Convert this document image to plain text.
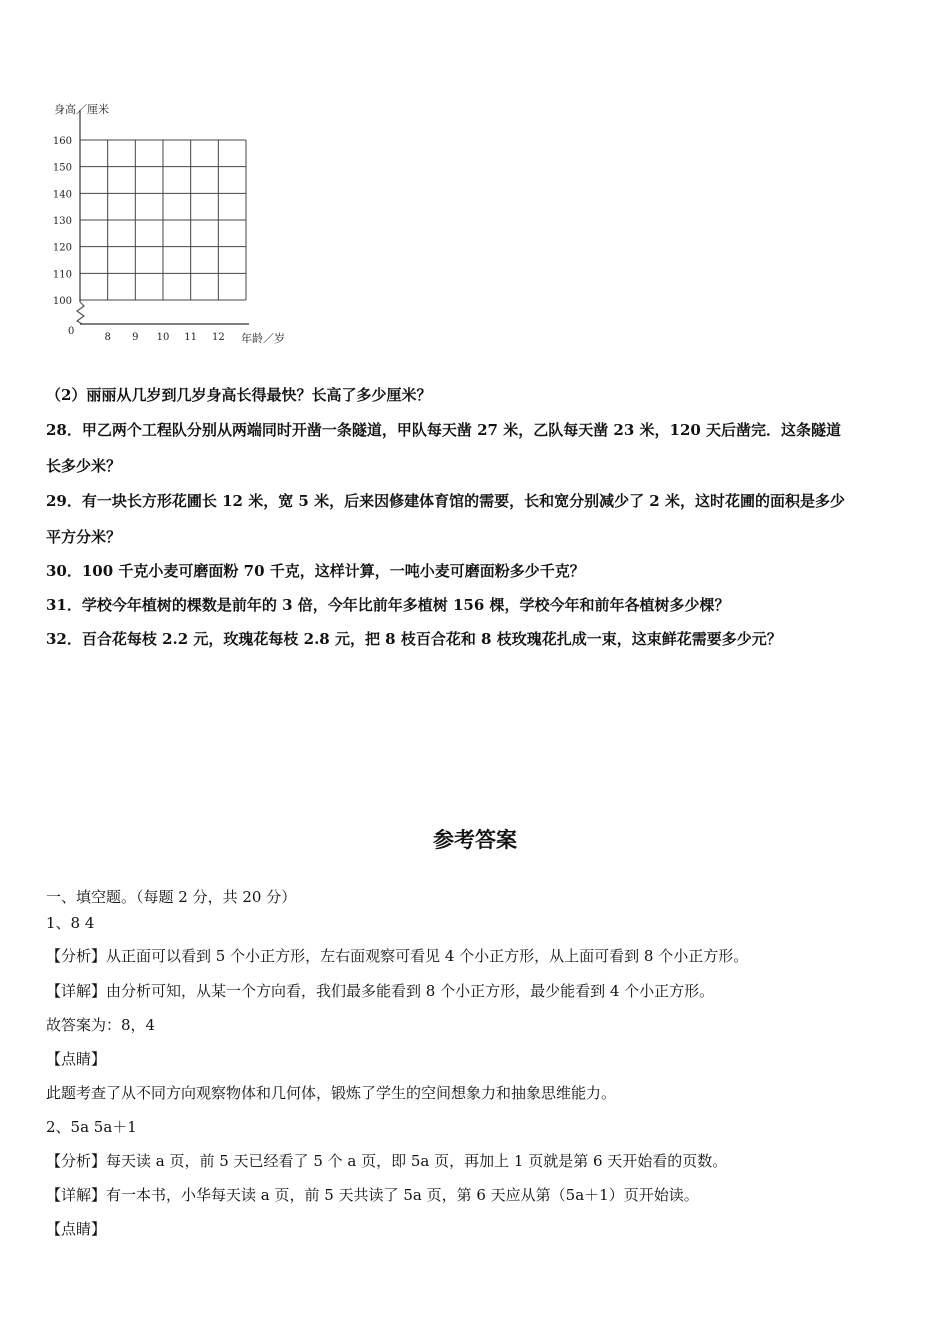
身高／厘米
年龄／岁
0
160
150
140
130
120
110
100
8 9 10 11 12
（2）丽丽从几岁到几岁身高长得最快？长高了多少厘米？
28．甲乙两个工程队分别从两端同时开凿一条隧道，甲队每天凿 27 米，乙队每天凿 23 米，120 天后凿完．这条隧道
长多少米？
29．有一块长方形花圃长 12 米，宽 5 米，后来因修建体育馆的需要，长和宽分别减少了 2 米，这时花圃的面积是多少
平方分米？
30．100 千克小麦可磨面粉 70 千克，这样计算，一吨小麦可磨面粉多少千克？
31．学校今年植树的棵数是前年的 3 倍，今年比前年多植树 156 棵，学校今年和前年各植树多少棵？
32．百合花每枝 2.2 元，玫瑰花每枝 2.8 元，把 8 枝百合花和 8 枝玫瑰花扎成一束，这束鲜花需要多少元？
参考答案
一、填空题。（每题 2 分，共 20 分）
1、8 4
【分析】从正面可以看到 5 个小正方形，左右面观察可看见 4 个小正方形，从上面可看到 8 个小正方形。
【详解】由分析可知，从某一个方向看，我们最多能看到 8 个小正方形，最少能看到 4 个小正方形。
故答案为：8，4
【点睛】
此题考查了从不同方向观察物体和几何体，锻炼了学生的空间想象力和抽象思维能力。
2、5a 5a＋1
【分析】每天读 a 页，前 5 天已经看了 5 个 a 页，即 5a 页，再加上 1 页就是第 6 天开始看的页数。
【详解】有一本书，小华每天读 a 页，前 5 天共读了 5a 页，第 6 天应从第（5a＋1）页开始读。
【点睛】
